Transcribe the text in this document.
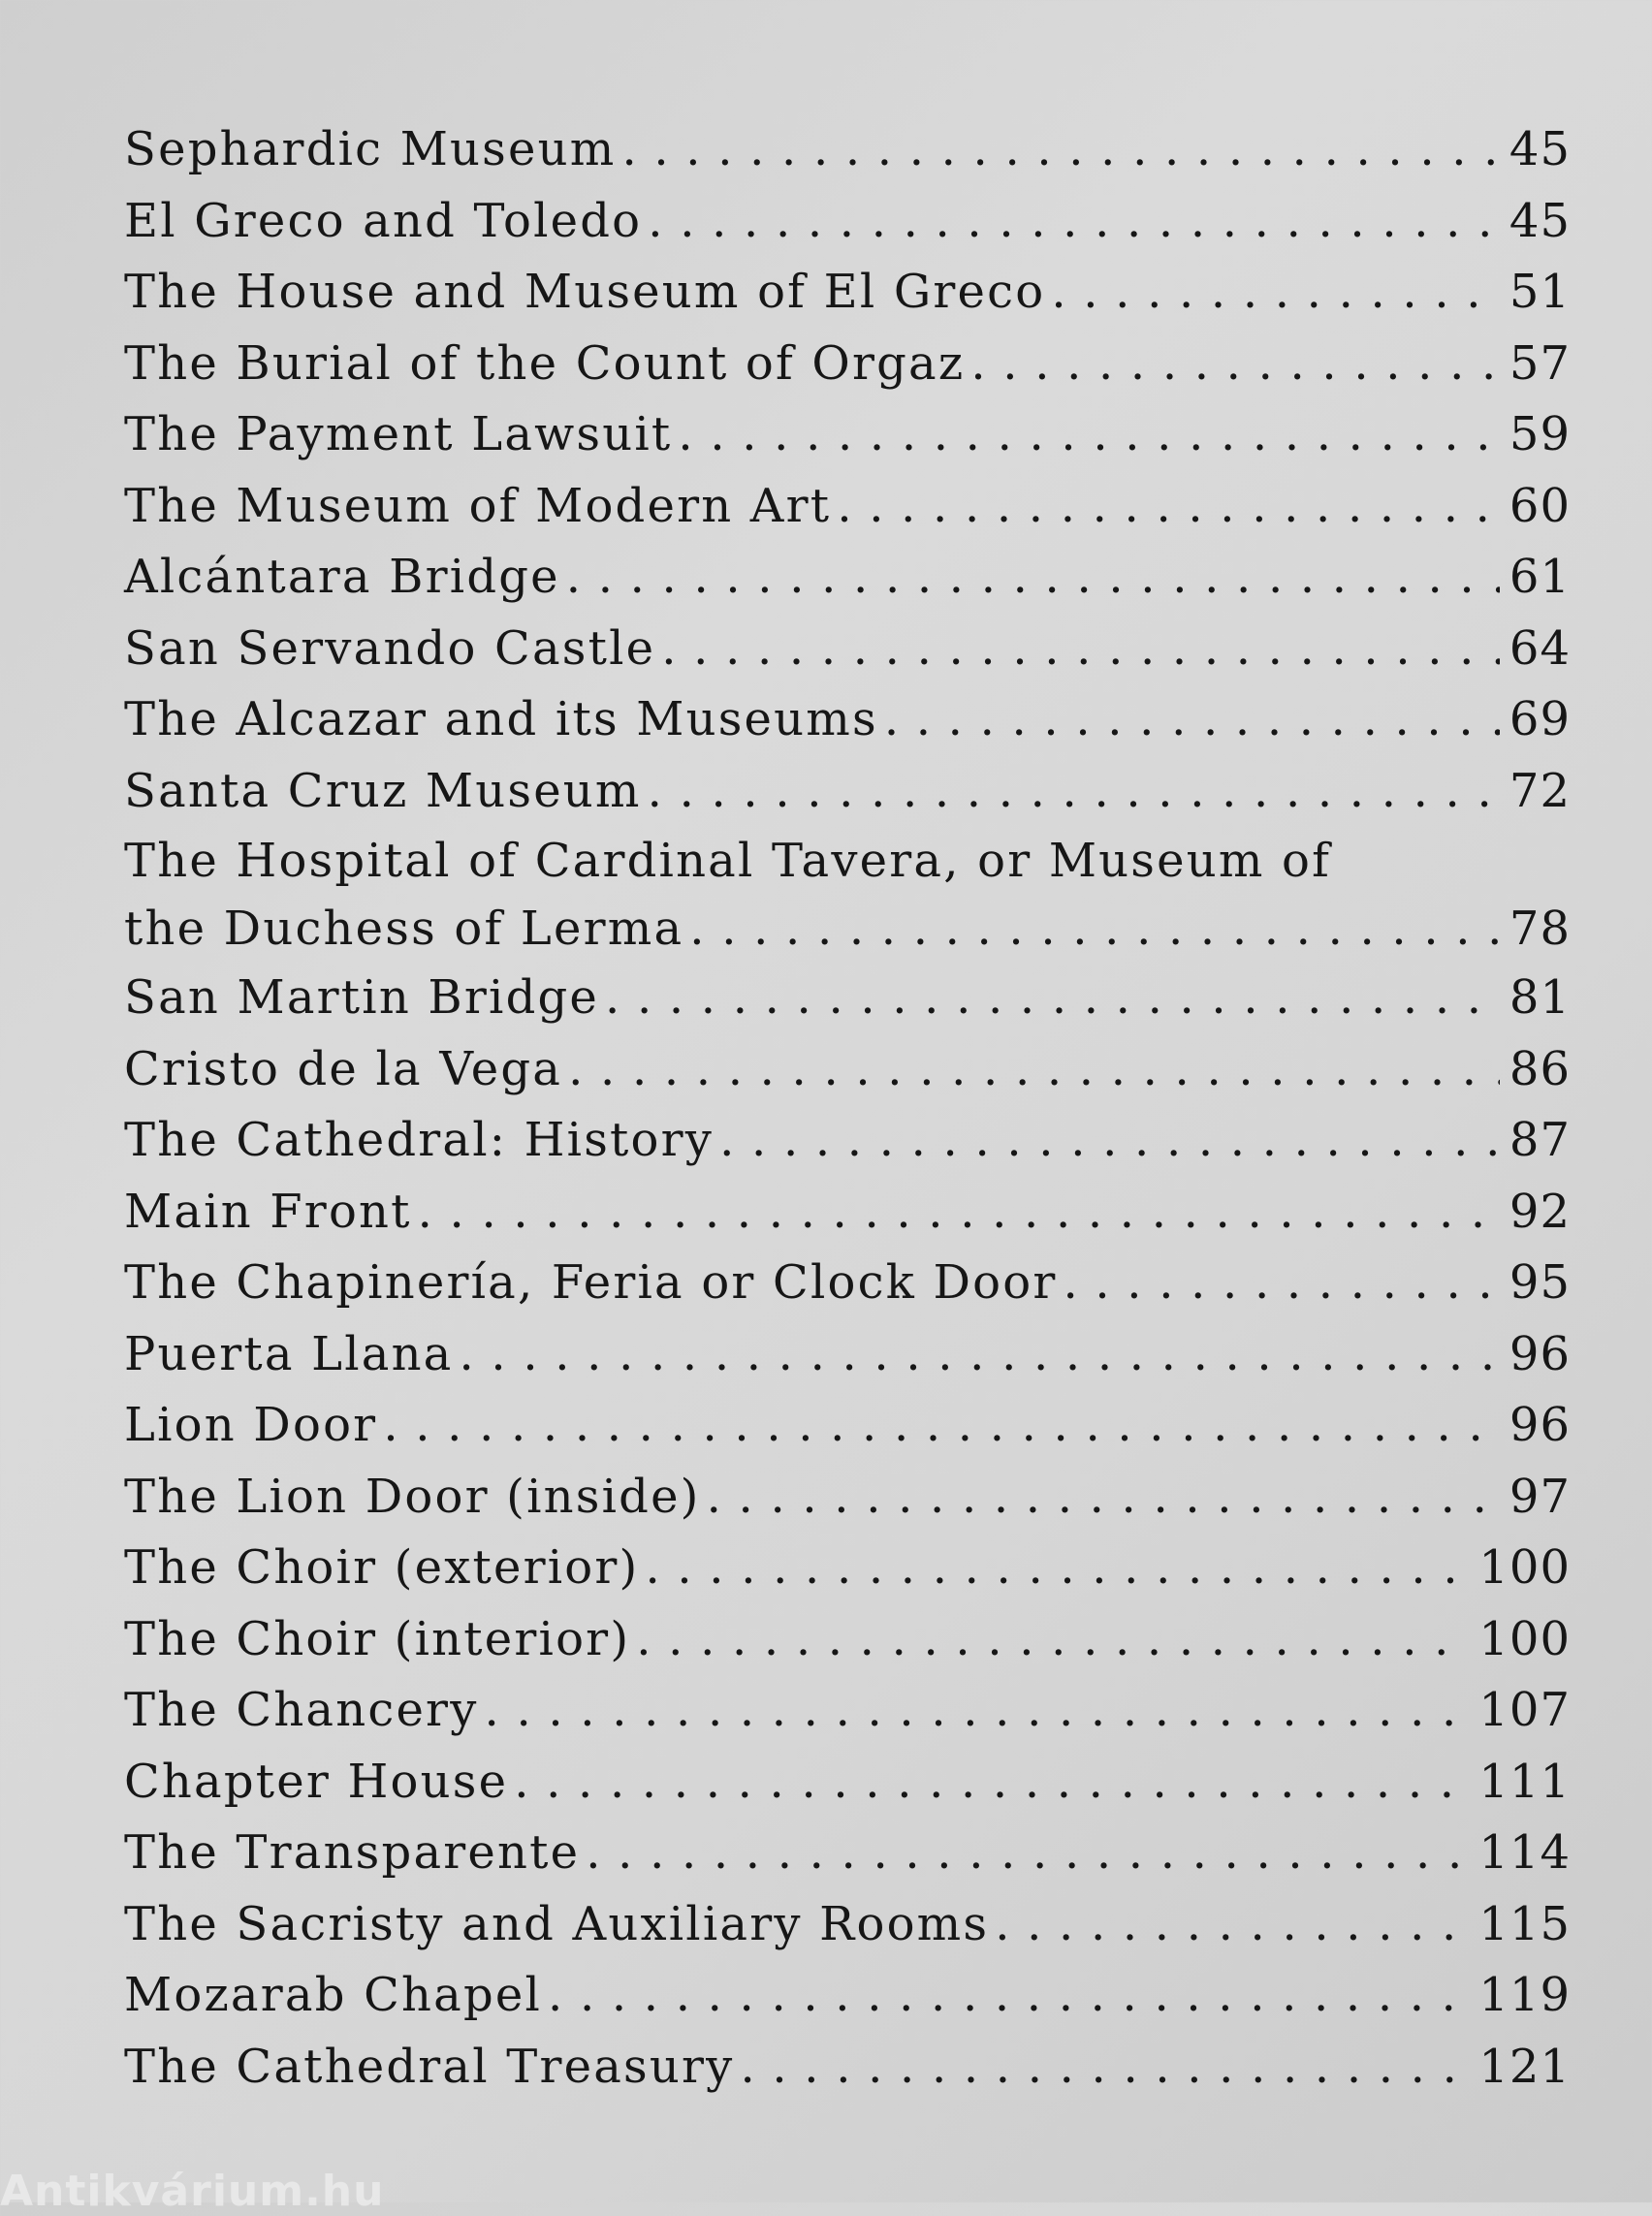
Sephardic Museum . . .	45
El Greco and Toledo . . .	45
The House and Museum of El Greco . . .	51
The Burial of the Count of Orgaz . . .	57
The Payment Lawsuit . . .	59
The Museum of Modern Art . . .	60
Alcántara Bridge . . .	61
San Servando Castle . . .	64
The Alcazar and its Museums . . .	69
Santa Cruz Museum . . .	72
The Hospital of Cardinal Tavera, or Museum of
the Duchess of Lerma . . .	78
San Martin Bridge . . .	81
Cristo de la Vega . . .	86
The Cathedral: History . . .	87
Main Front . . .	92
The Chapinería, Feria or Clock Door . . .	95
Puerta Llana . . .	96
Lion Door . . .	96
The Lion Door (inside) . . .	97
The Choir (exterior) . . .	100
The Choir (interior) . . .	100
The Chancery . . .	107
Chapter House . . .	111
The Transparente . . .	114
The Sacristy and Auxiliary Rooms . . .	115
Mozarab Chapel . . .	119
The Cathedral Treasury . . .	121
Antikvárium.hu
